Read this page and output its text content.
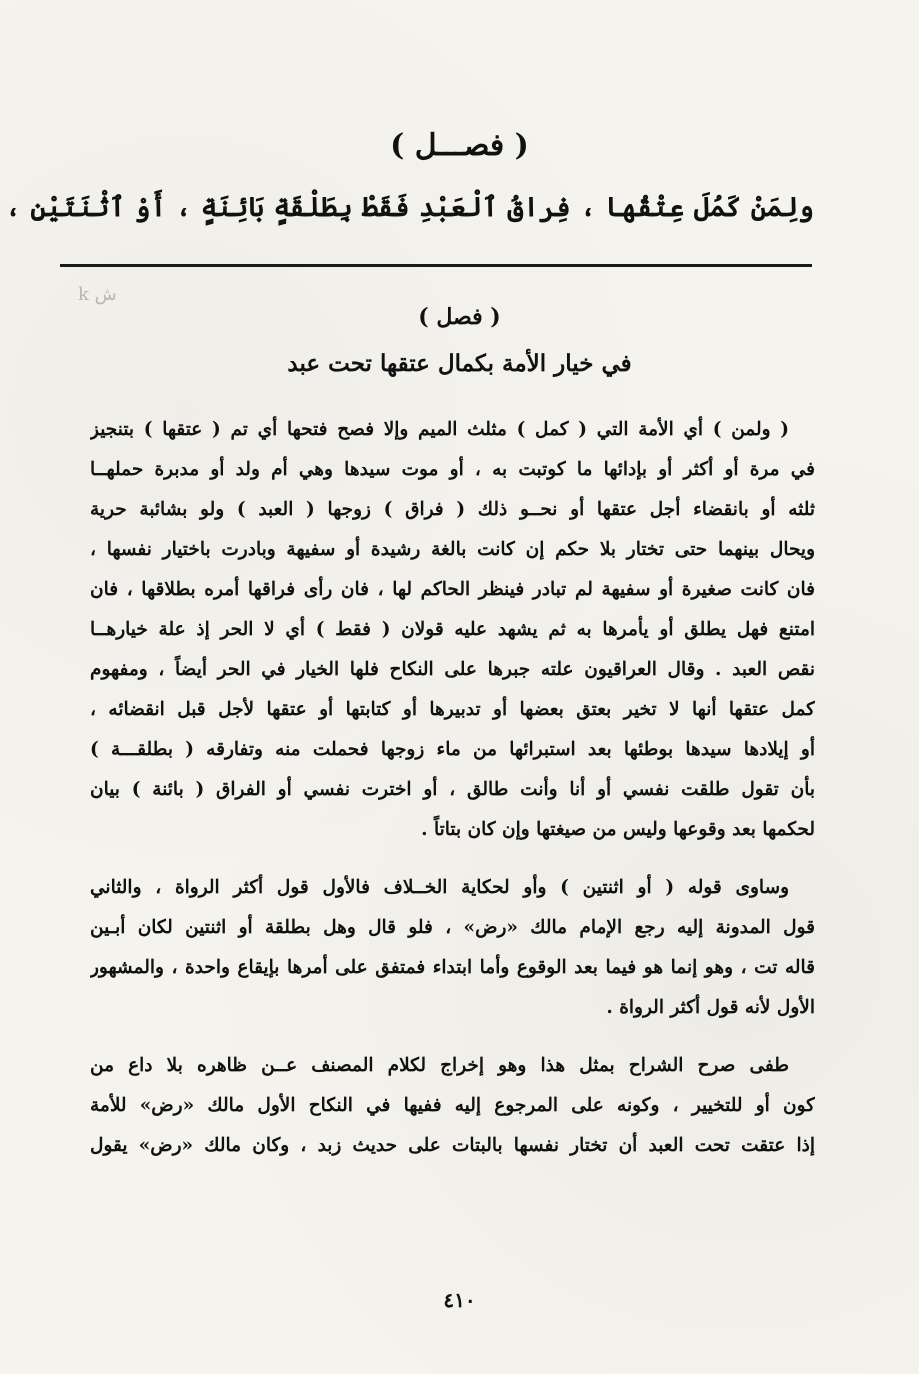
( فصـــل )
ولِمَنْ كَمُلَ عِتْقُها ، فِراقُ ٱلْعَبْدِ فَقَطْ بِطَلْقَةٍ بَائِنَةٍ ، أَوْ ٱثْنَتَيْنِ ،
k ش
( فصل )
في خيار الأمة بكمال عتقها تحت عبد
( ولمن ) أي الأمة التي ( كمل ) مثلث الميم وإلا فصح فتحها أي تم ( عتقها ) بتنجيز
في مرة أو أكثر أو بإدائها ما كوتبت به ، أو موت سيدها وهي أم ولد أو مدبرة حملهــا
ثلثه أو بانقضاء أجل عتقها أو نحــو ذلك ( فراق ) زوجها ( العبد ) ولو بشائبة حرية
ويحال بينهما حتى تختار بلا حكم إن كانت بالغة رشيدة أو سفيهة وبادرت باختيار نفسها ،
فان كانت صغيرة أو سفيهة لم تبادر فينظر الحاكم لها ، فان رأى فراقها أمره بطلاقها ، فان
امتنع فهل يطلق أو يأمرها به ثم يشهد عليه قولان ( فقط ) أي لا الحر إذ علة خيارهــا
نقص العبد . وقال العراقيون علته جبرها على النكاح فلها الخيار في الحر أيضاً ، ومفهوم
كمل عتقها أنها لا تخير بعتق بعضها أو تدبيرها أو كتابتها أو عتقها لأجل قبل انقضائه ،
أو إيلادها سيدها بوطئها بعد استبرائها من ماء زوجها فحملت منه وتفارقه ( بطلقـــة )
بأن تقول طلقت نفسي أو أنا وأنت طالق ، أو اخترت نفسي أو الفراق ( بائنة ) بيان
لحكمها بعد وقوعها وليس من صيغتها وإن كان بتاتاً .
وساوى قوله ( أو اثنتين ) وأو لحكاية الخــلاف فالأول قول أكثر الرواة ، والثاني
قول المدونة إليه رجع الإمام مالك «رض» ، فلو قال وهل بطلقة أو اثنتين لكان أبـين
قاله تت ، وهو إنما هو فيما بعد الوقوع وأما ابتداء فمتفق على أمرها بإيقاع واحدة ، والمشهور
الأول لأنه قول أكثر الرواة .
طفى صرح الشراح بمثل هذا وهو إخراج لكلام المصنف عــن ظاهره بلا داع من
كون أو للتخيير ، وكونه على المرجوع إليه ففيها في النكاح الأول مالك «رض» للأمة
إذا عتقت تحت العبد أن تختار نفسها بالبتات على حديث زبد ، وكان مالك «رض» يقول
٤١٠
